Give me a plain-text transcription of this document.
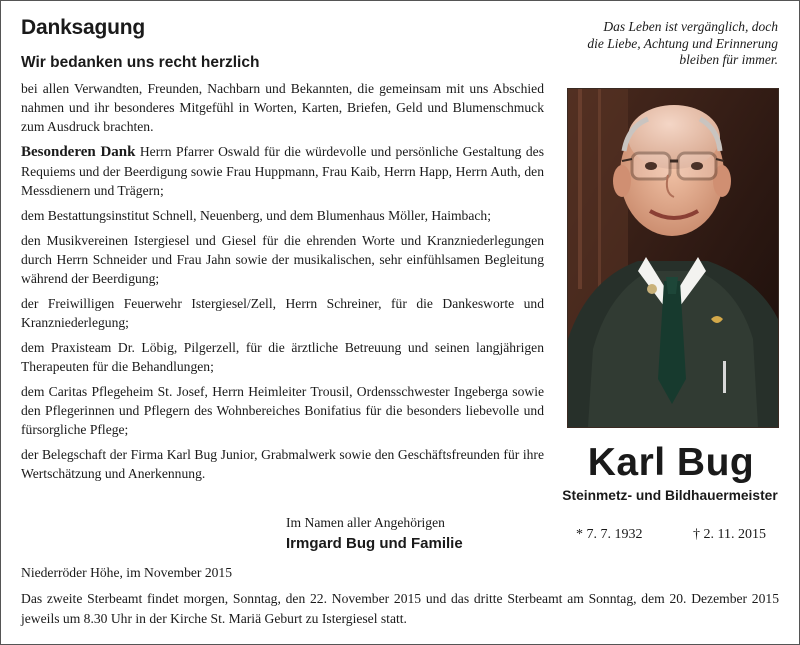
Danksagung
Wir bedanken uns recht herzlich

bei allen Verwandten, Freunden, Nachbarn und Bekannten, die gemeinsam mit uns Abschied nahmen und ihr besonderes Mitgefühl in Worten, Karten, Briefen, Geld und Blumenschmuck zum Ausdruck brachten.

Besonderen Dank Herrn Pfarrer Oswald für die würdevolle und persönliche Gestaltung des Requiems und der Beerdigung sowie Frau Huppmann, Frau Kaib, Herrn Happ, Herrn Auth, den Messdienern und Trägern;

dem Bestattungsinstitut Schnell, Neuenberg, und dem Blumenhaus Möller, Haimbach;

den Musikvereinen Istergiesel und Giesel für die ehrenden Worte und Kranzniederlegungen durch Herrn Schneider und Frau Jahn sowie der musikalischen, sehr einfühlsamen Begleitung während der Beerdigung;

der Freiwilligen Feuerwehr Istergiesel/Zell, Herrn Schreiner, für die Dankesworte und Kranzniederlegung;

dem Praxisteam Dr. Löbig, Pilgerzell, für die ärztliche Betreuung und seinen langjährigen Therapeuten für die Behandlungen;

dem Caritas Pflegeheim St. Josef, Herrn Heimleiter Trousil, Ordensschwester Ingeberga sowie den Pflegerinnen und Pflegern des Wohnbereiches Bonifatius für die besonders liebevolle und fürsorgliche Pflege;

der Belegschaft der Firma Karl Bug Junior, Grabmalwerk sowie den Geschäftsfreunden für ihre Wertschätzung und Anerkennung.

Das Leben ist vergänglich, doch
die Liebe, Achtung und Erinnerung
bleiben für immer.
Karl Bug
Steinmetz- und Bildhauermeister
* 7. 7. 1932	† 2. 11. 2015
Im Namen aller Angehörigen
Irmgard Bug und Familie
Niederröder Höhe, im November 2015
Das zweite Sterbeamt findet morgen, Sonntag, den 22. November 2015 und das dritte Sterbeamt am Sonntag, dem 20. Dezember 2015 jeweils um 8.30 Uhr in der Kirche St. Mariä Geburt zu Istergiesel statt.
